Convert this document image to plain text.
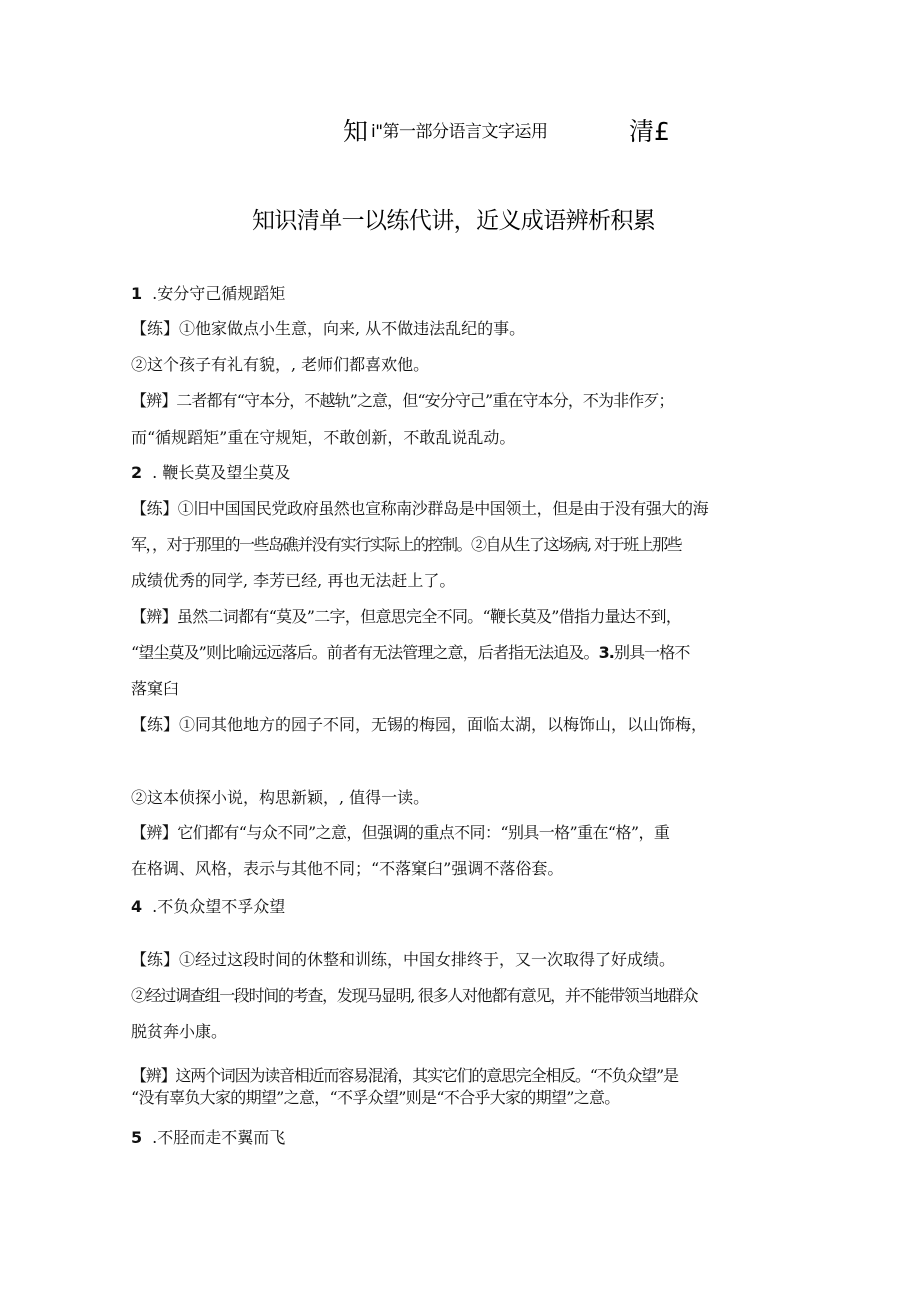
知 i"第一部分语言文字运用	清£
知识清单一以练代讲，近义成语辨析积累
1 .安分守己循规蹈矩
【练】①他家做点小生意，向来, 从不做违法乱纪的事。
②这个孩子有礼有貌，, 老师们都喜欢他。
【辨】二者都有“守本分，不越轨”之意，但“安分守己”重在守本分，不为非作歹；
而“循规蹈矩”重在守规矩，不敢创新，不敢乱说乱动。
2 . 鞭长莫及望尘莫及
【练】①旧中国国民党政府虽然也宣称南沙群岛是中国领土，但是由于没有强大的海
军，，对于那里的一些岛礁并没有实行实际上的控制。②自从生了这场病, 对于班上那些
成绩优秀的同学, 李芳已经, 再也无法赶上了。
【辨】虽然二词都有“莫及”二字，但意思完全不同。“鞭长莫及”借指力量达不到，
“望尘莫及”则比喻远远落后。前者有无法管理之意，后者指无法追及。3.别具一格不
落窠臼
【练】①同其他地方的园子不同，无锡的梅园，面临太湖，以梅饰山，以山饰梅，
②这本侦探小说，构思新颖，, 值得一读。
【辨】它们都有“与众不同”之意，但强调的重点不同：“别具一格”重在“格”，重
在格调、风格，表示与其他不同；“不落窠臼”强调不落俗套。
4 .不负众望不孚众望
【练】①经过这段时间的休整和训练，中国女排终于，又一次取得了好成绩。
②经过调查组一段时间的考查，发现马显明, 很多人对他都有意见，并不能带领当地群众
脱贫奔小康。
【辨】这两个词因为读音相近而容易混淆，其实它们的意思完全相反。“不负众望”是
“没有辜负大家的期望”之意，“不孚众望”则是“不合乎大家的期望”之意。
5 .不胫而走不翼而飞
